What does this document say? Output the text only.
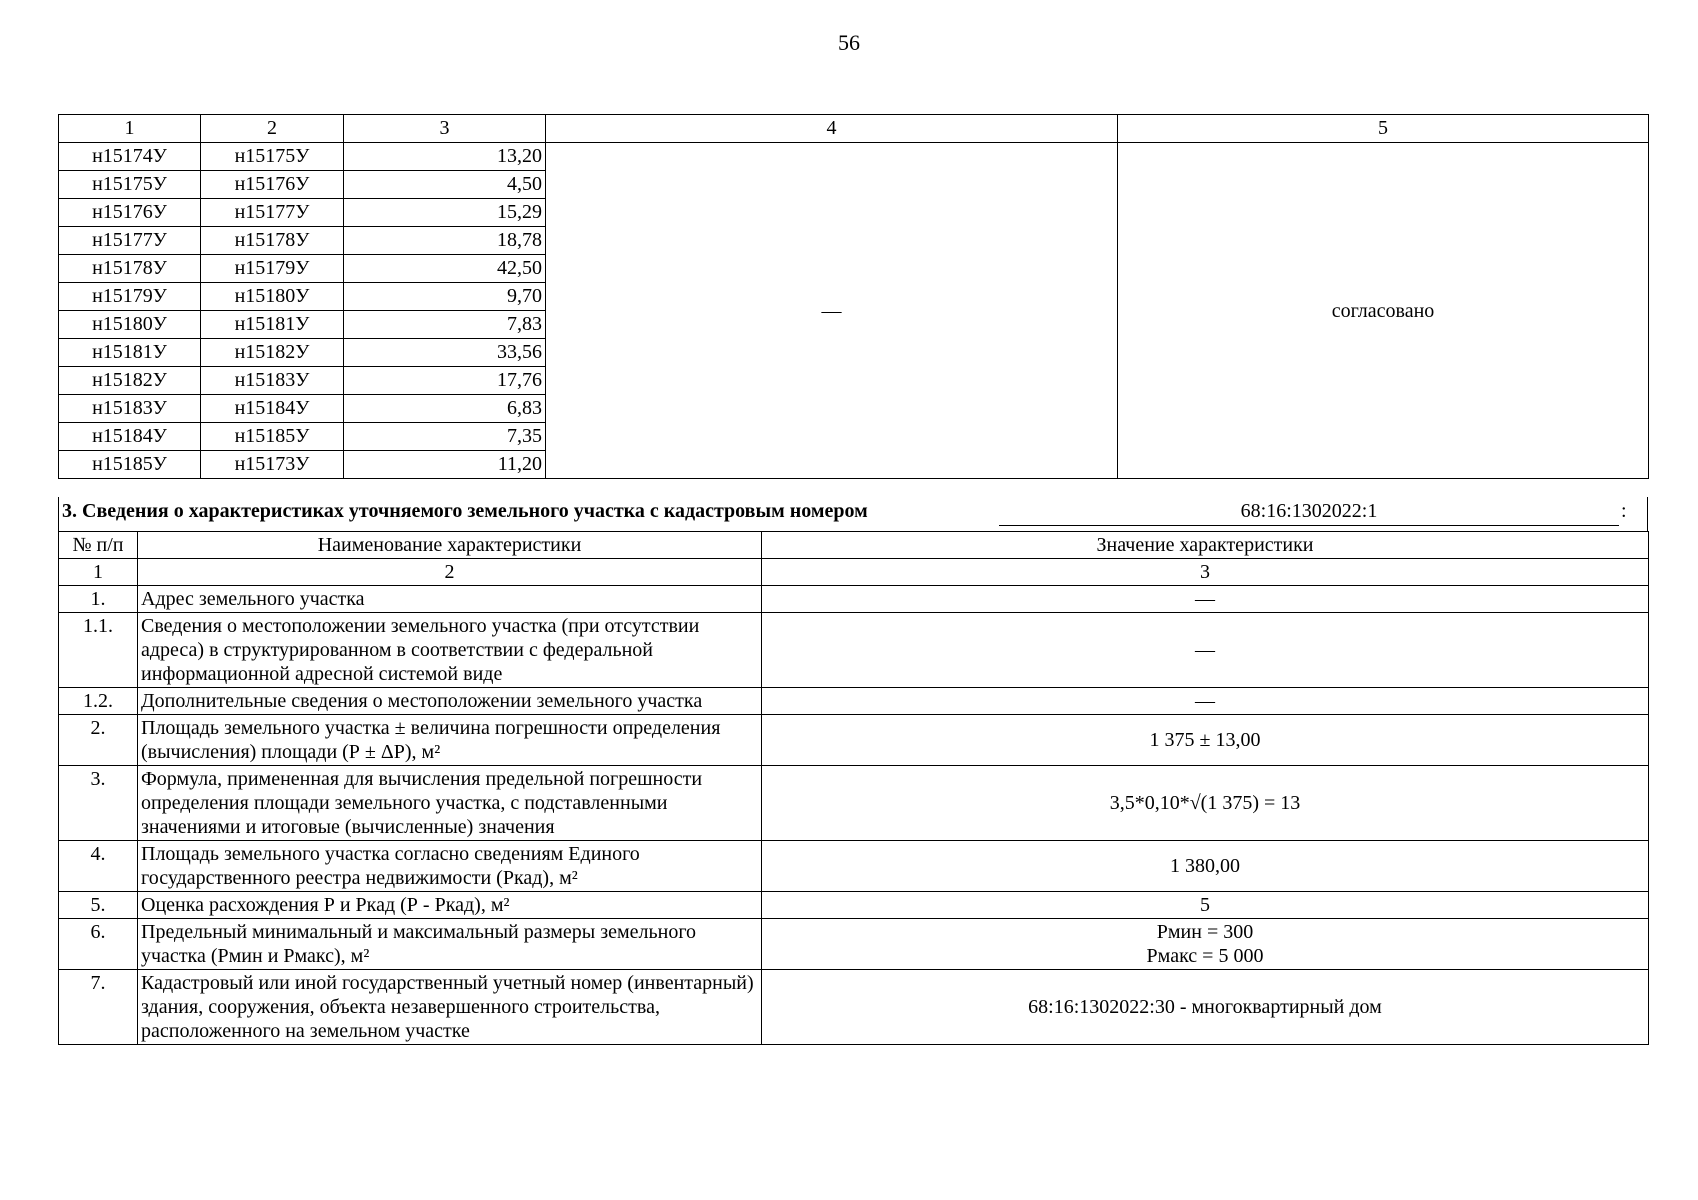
56
1	2	3	4	5
н15174У	н15175У	13,20	—	согласовано
н15175У	н15176У	4,50		
н15176У	н15177У	15,29		
н15177У	н15178У	18,78		
н15178У	н15179У	42,50		
н15179У	н15180У	9,70		
н15180У	н15181У	7,83		
н15181У	н15182У	33,56		
н15182У	н15183У	17,76		
н15183У	н15184У	6,83		
н15184У	н15185У	7,35		
н15185У	н15173У	11,20		
3. Сведения о характеристиках уточняемого земельного участка с кадастровым номером	68:16:1302022:1	:
№ п/п	Наименование характеристики	Значение характеристики
1	2	3
1.	Адрес земельного участка	—

1.1.	Сведения о местоположении земельного участка (при отсутствии адреса) в структурированном в соответствии с федеральной информационной адресной системой виде	—

1.2.	Дополнительные сведения о местоположении земельного участка	—

2.	Площадь земельного участка ± величина погрешности определения (вычисления) площади (Р ± ΔР), м²	1 375 ± 13,00

3.	Формула, примененная для вычисления предельной погрешности определения площади земельного участка, с подставленными значениями и итоговые (вычисленные) значения	3,5*0,10*√(1 375) = 13

4.	Площадь земельного участка согласно сведениям Единого государственного реестра недвижимости (Ркад), м²	1 380,00

5.	Оценка расхождения Р и Ркад (Р - Ркад), м²	5

6.	Предельный минимальный и максимальный размеры земельного участка (Рмин и Рмакс), м²	Рмин = 300
Рмакс = 5 000

7.	Кадастровый или иной государственный учетный номер (инвентарный) здания, сооружения, объекта незавершенного строительства, расположенного на земельном участке	68:16:1302022:30 - многоквартирный дом
